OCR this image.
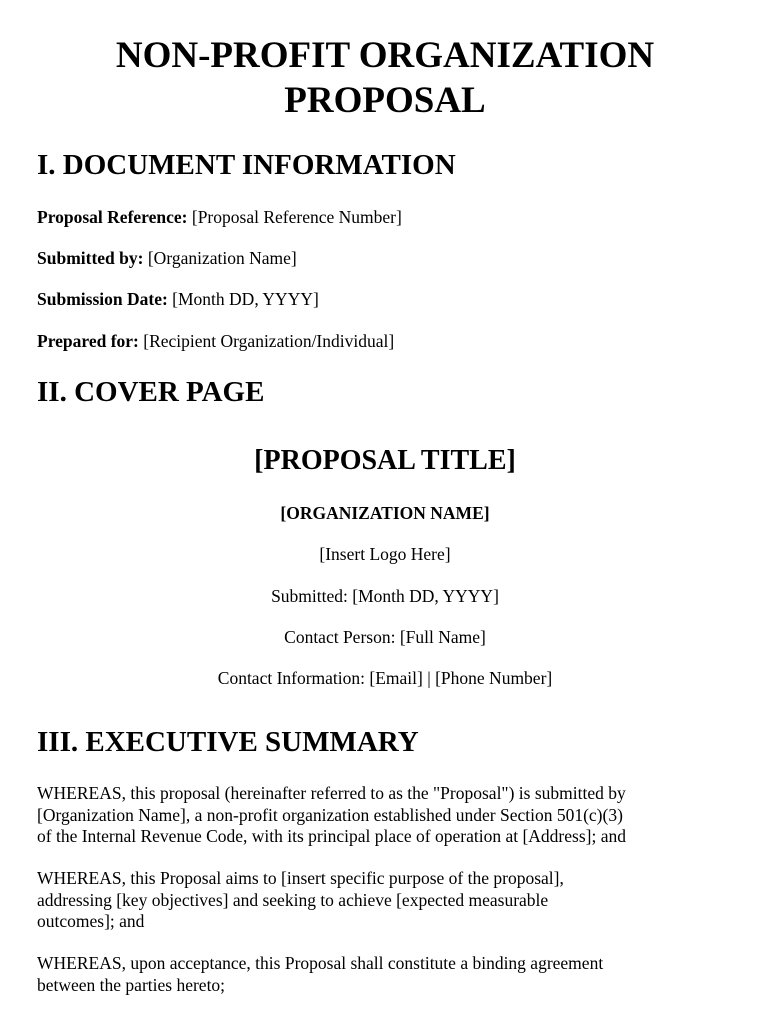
NON-PROFIT ORGANIZATION
PROPOSAL
I. DOCUMENT INFORMATION

Proposal Reference: [Proposal Reference Number]

Submitted by: [Organization Name]

Submission Date: [Month DD, YYYY]

Prepared for: [Recipient Organization/Individual]

II. COVER PAGE

[PROPOSAL TITLE]

[ORGANIZATION NAME]

[Insert Logo Here]

Submitted: [Month DD, YYYY]

Contact Person: [Full Name]

Contact Information: [Email] | [Phone Number]

III. EXECUTIVE SUMMARY
WHEREAS, this proposal (hereinafter referred to as the "Proposal") is submitted by
[Organization Name], a non-profit organization established under Section 501(c)(3)
of the Internal Revenue Code, with its principal place of operation at [Address]; and
WHEREAS, this Proposal aims to [insert specific purpose of the proposal],
addressing [key objectives] and seeking to achieve [expected measurable
outcomes]; and
WHEREAS, upon acceptance, this Proposal shall constitute a binding agreement
between the parties hereto;
